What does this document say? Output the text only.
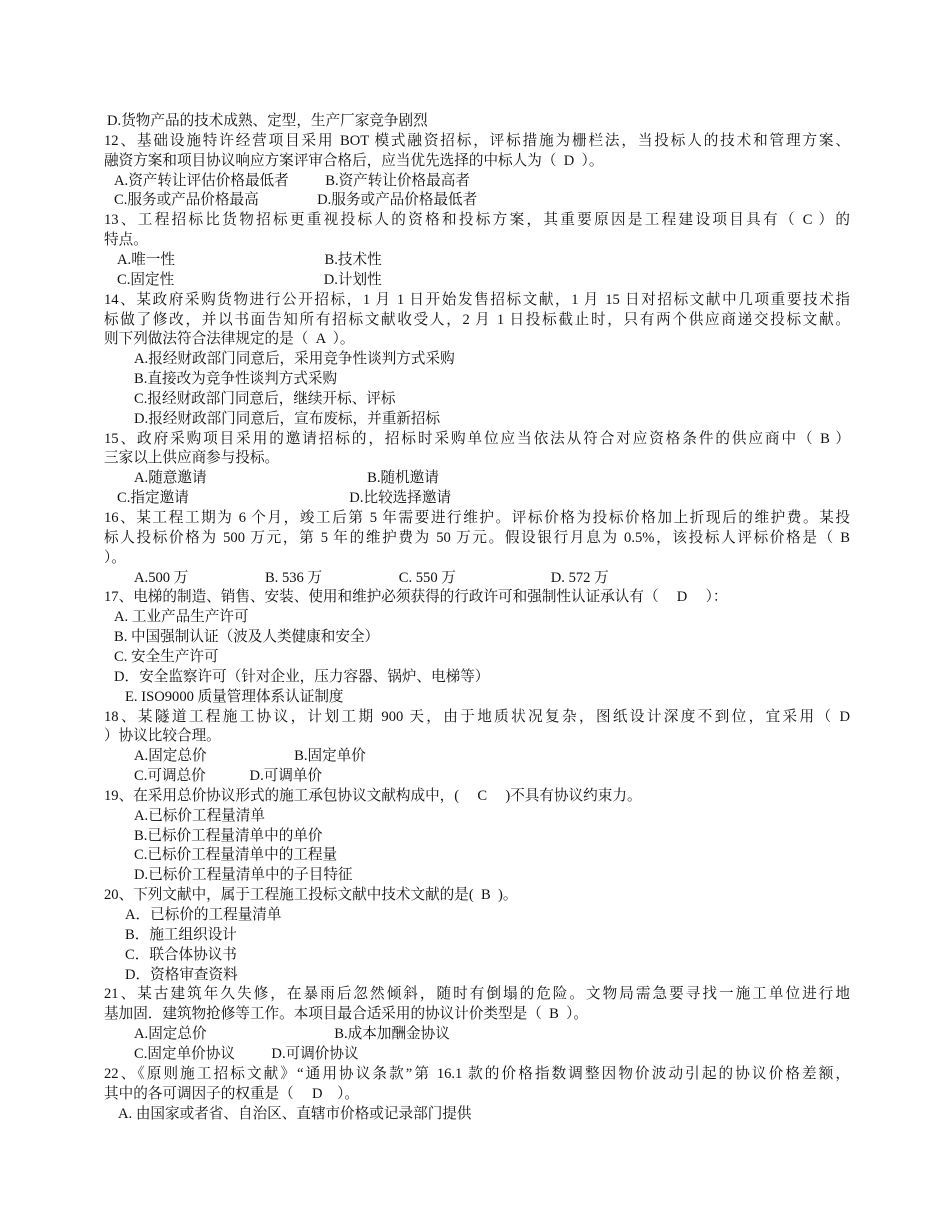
D.货物产品的技术成熟、定型，生产厂家竞争剧烈
12、基础设施特许经营项目采用 BOT 模式融资招标，评标措施为栅栏法，当投标人的技术和管理方案、
融资方案和项目协议响应方案评审合格后，应当优先选择的中标人为（  D  ）。
A.资产转让评估价格最低者          B.资产转让价格最高者
C.服务或产品价格最高                D.服务或产品价格最低者
13、工程招标比货物招标更重视投标人的资格和投标方案，其重要原因是工程建设项目具有（ C ）的
特点。
A.唯一性                                         B.技术性
C.固定性                                         D.计划性
14、某政府采购货物进行公开招标，1 月 1 日开始发售招标文献，1 月 15 日对招标文献中几项重要技术指
标做了修改，并以书面告知所有招标文献收受人，2 月 1 日投标截止时，只有两个供应商递交投标文献。
则下列做法符合法律规定的是（  A  ）。
A.报经财政部门同意后，采用竞争性谈判方式采购
B.直接改为竞争性谈判方式采购
C.报经财政部门同意后，继续开标、评标
D.报经财政部门同意后，宣布废标，并重新招标
15、政府采购项目采用的邀请招标的，招标时采购单位应当依法从符合对应资格条件的供应商中（ B ）
三家以上供应商参与投标。
A.随意邀请                                            B.随机邀请
C.指定邀请                                            D.比较选择邀请
16、某工程工期为 6 个月，竣工后第 5 年需要进行维护。评标价格为投标价格加上折现后的维护费。某投
标人投标价格为 500 万元，第 5 年的维护费为 50 万元。假设银行月息为 0.5%，该投标人评标价格是（ B
）。
A.500 万                     B. 536 万                     C. 550 万                          D. 572 万
17、电梯的制造、销售、安装、使用和维护必须获得的行政许可和强制性认证承认有（     D     ）：
A. 工业产品生产许可
B. 中国强制认证（波及人类健康和安全）
C. 安全生产许可
D．安全监察许可（针对企业，压力容器、锅炉、电梯等）
E. ISO9000 质量管理体系认证制度
18、某隧道工程施工协议，计划工期 900 天，由于地质状况复杂，图纸设计深度不到位，宜采用（ D
）协议比较合理。
A.固定总价                        B.固定单价
C.可调总价            D.可调单价
19、在采用总价协议形式的施工承包协议文献构成中，(     C     )不具有协议约束力。
A.已标价工程量清单
B.已标价工程量清单中的单价
C.已标价工程量清单中的工程量
D.已标价工程量清单中的子目特征
20、下列文献中，属于工程施工投标文献中技术文献的是(  B  )。
A．已标价的工程量清单
B．施工组织设计
C．联合体协议书
D．资格审查资料
21、某古建筑年久失修，在暴雨后忽然倾斜，随时有倒塌的危险。文物局需急要寻找一施工单位进行地
基加固．建筑物抢修等工作。本项目最合适采用的协议计价类型是（  B  ）。
A.固定总价                                   B.成本加酬金协议
C.固定单价协议          D.可调价协议
22、《原则施工招标文献》“通用协议条款”第 16.1 款的价格指数调整因物价波动引起的协议价格差额，
其中的各可调因子的权重是（     D    ）。
A. 由国家或者省、自治区、直辖市价格或记录部门提供
